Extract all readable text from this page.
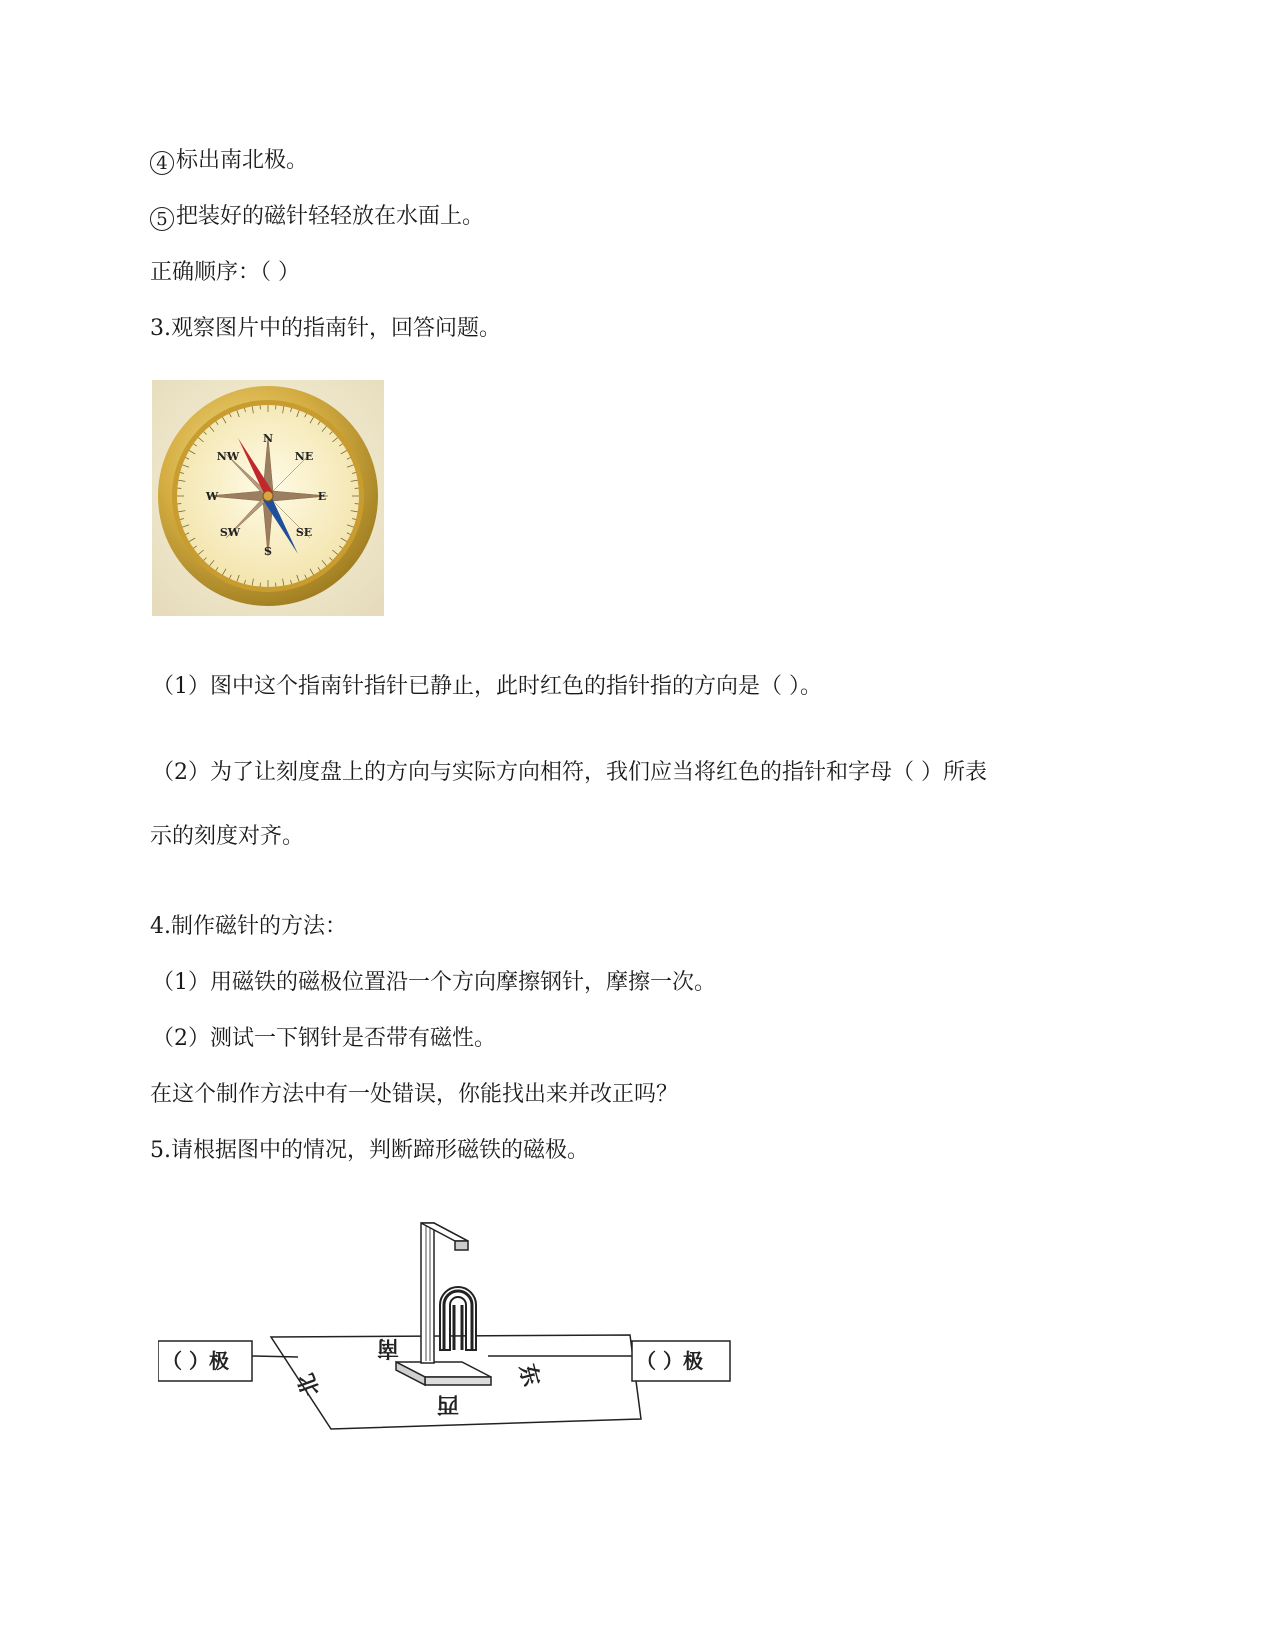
4 标出南北极。
5 把装好的磁针轻轻放在水面上。
正确顺序：（ ）
3.观察图片中的指南针，回答问题。
N
NE
E
SE
S
SW
W
NW
（1）图中这个指南针指针已静止，此时红色的指针指的方向是（ ）。
（2）为了让刻度盘上的方向与实际方向相符，我们应当将红色的指针和字母（ ）所表
示的刻度对齐。
4.制作磁针的方法：
（1）用磁铁的磁极位置沿一个方向摩擦钢针，摩擦一次。
（2）测试一下钢针是否带有磁性。
在这个制作方法中有一处错误，你能找出来并改正吗？
5.请根据图中的情况，判断蹄形磁铁的磁极。
（ ）极	（ ）极
北
南
东
西
